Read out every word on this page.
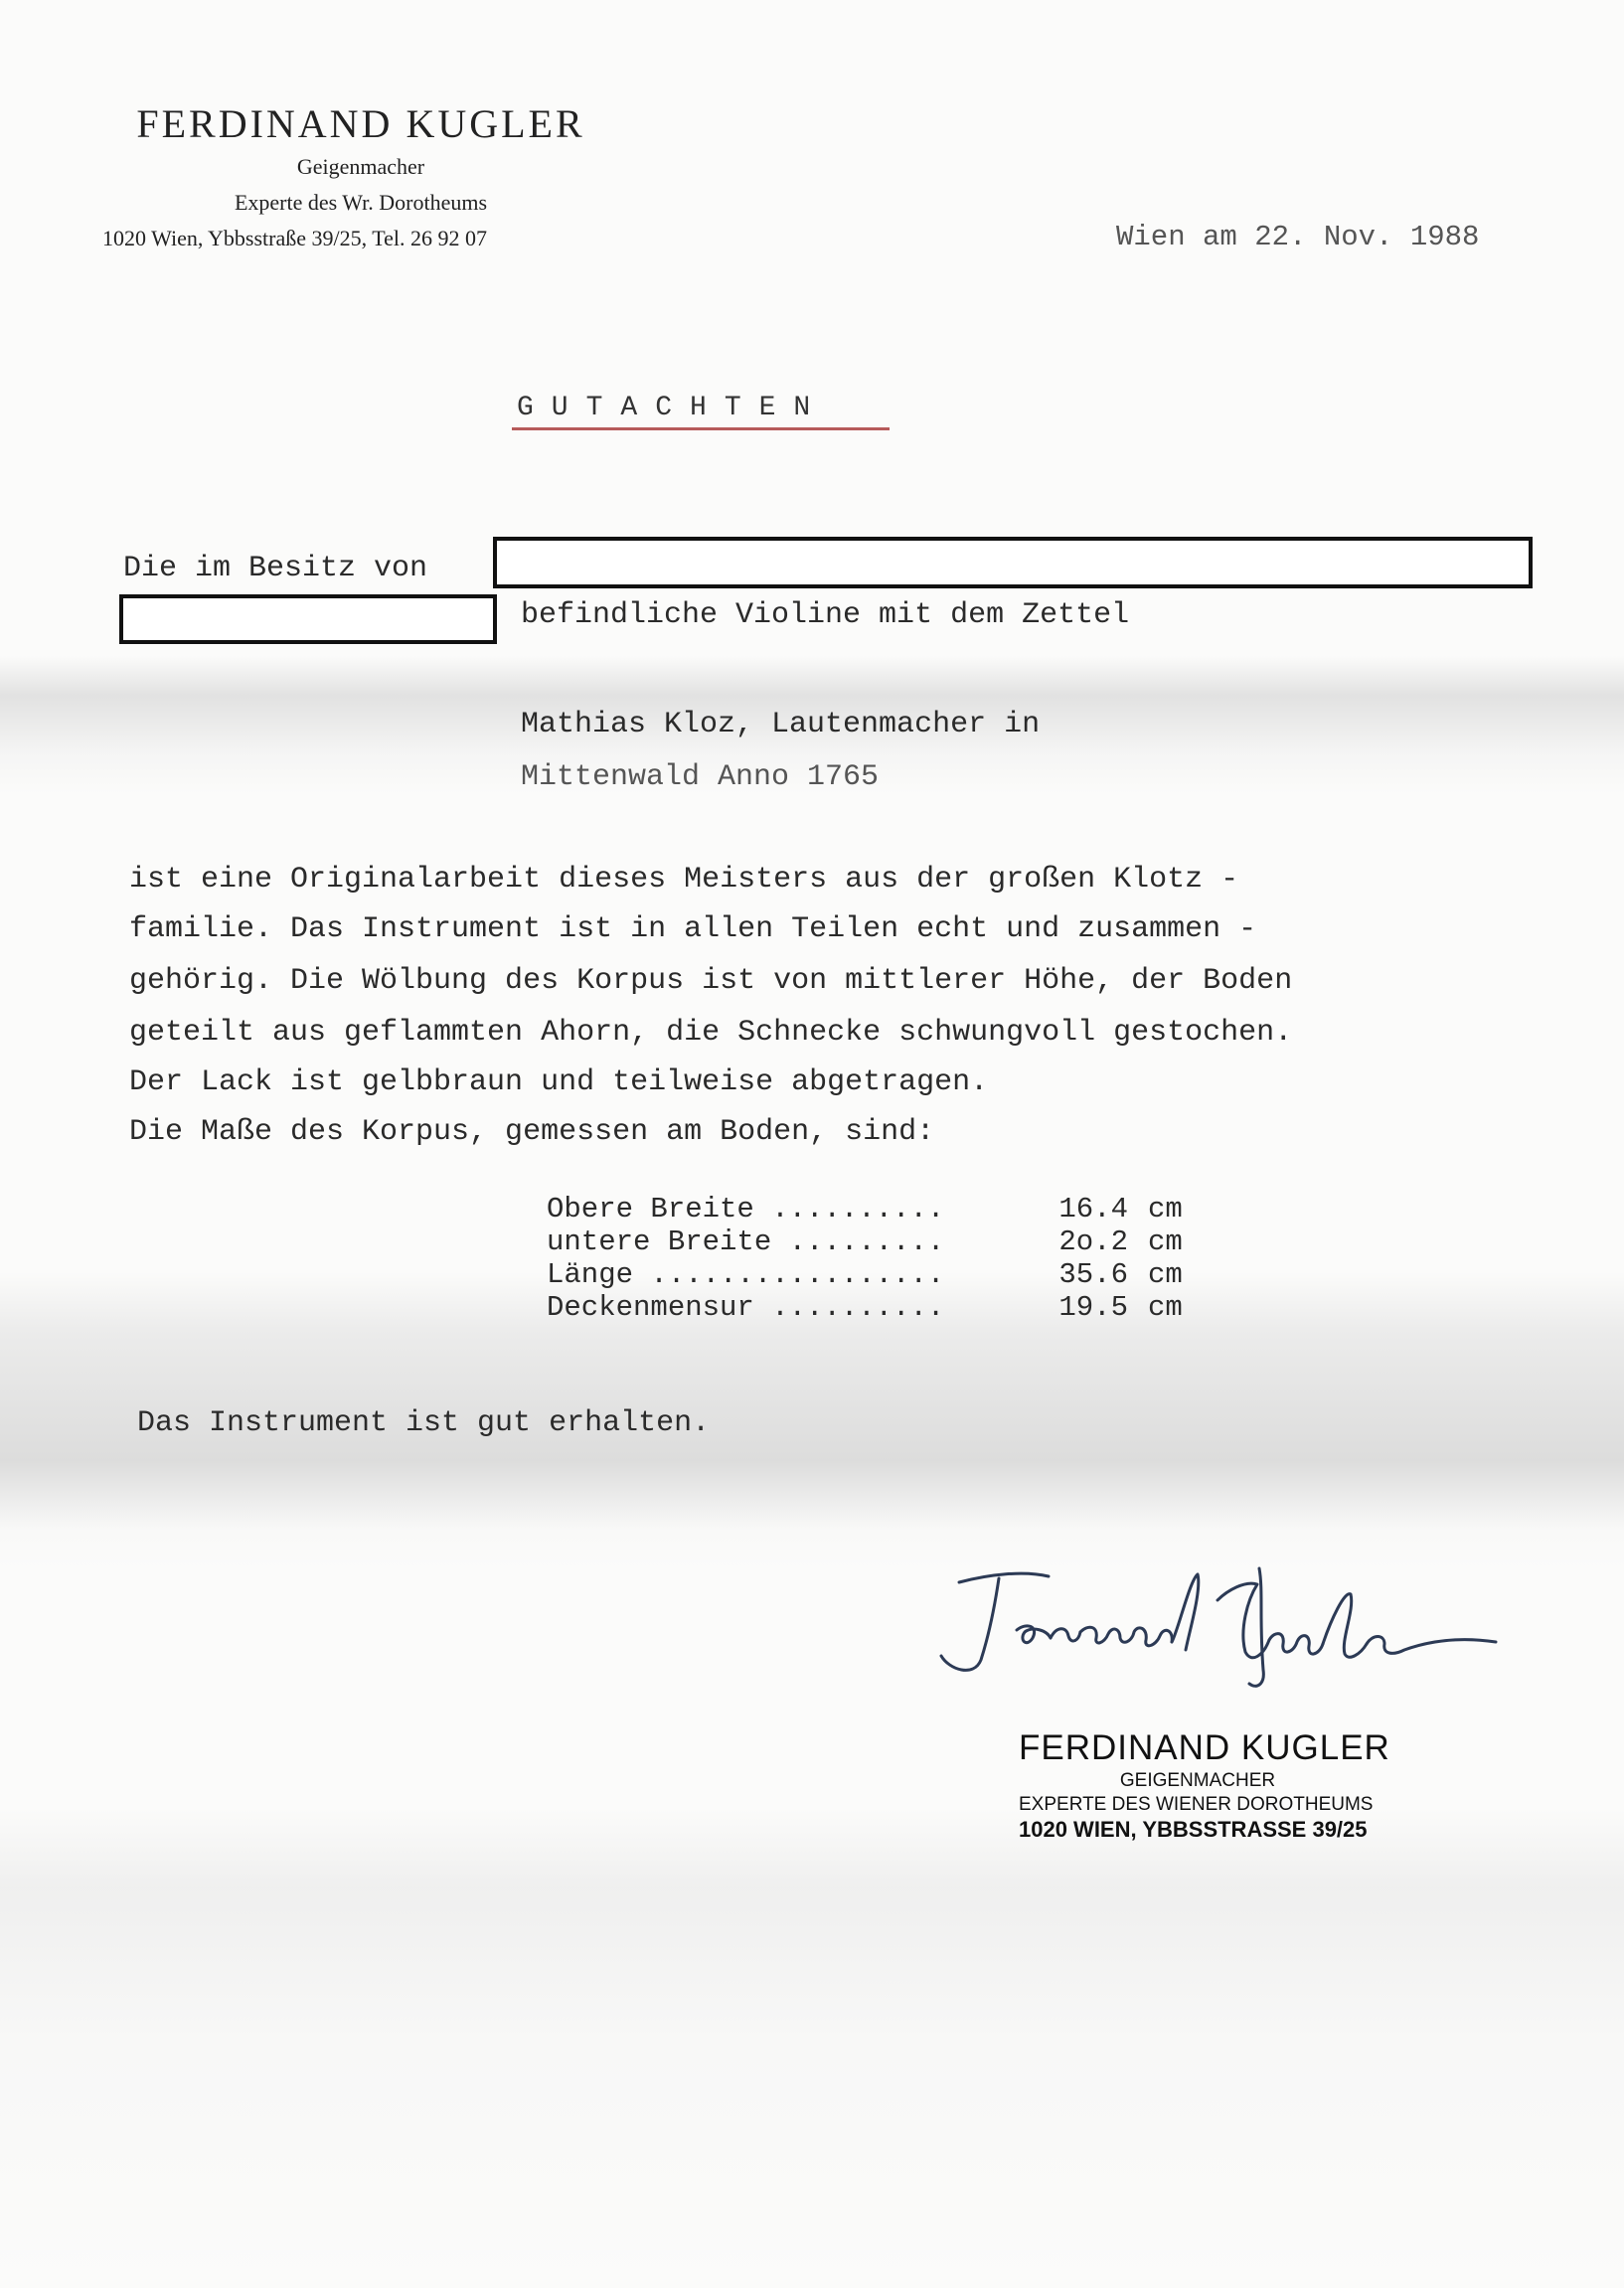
FERDINAND KUGLER

Geigenmacher

Experte des Wr. Dorotheums

1020 Wien, Ybbsstraße 39/25, Tel. 26 92 07	Wien am 22. Nov. 1988
GUTACHTEN
Die im Besitz von
befindliche Violine mit dem Zettel
Mathias Kloz, Lautenmacher in
Mittenwald Anno 1765
ist eine Originalarbeit dieses Meisters aus der großen Klotz -
familie. Das Instrument ist in allen Teilen echt und zusammen -
gehörig. Die Wölbung des Korpus ist von mittlerer Höhe, der Boden
geteilt aus geflammten Ahorn, die Schnecke schwungvoll gestochen.
Der Lack ist gelbbraun und teilweise abgetragen.
Die Maße des Korpus, gemessen am Boden, sind:
Obere Breite ..........	16.4 cm
untere Breite .........	2o.2 cm
Länge .................	35.6 cm
Deckenmensur ..........	19.5 cm
Das Instrument ist gut erhalten.

FERDINAND KUGLER

GEIGENMACHER

EXPERTE DES WIENER DOROTHEUMS

1020 WIEN, YBBSSTRASSE 39/25
